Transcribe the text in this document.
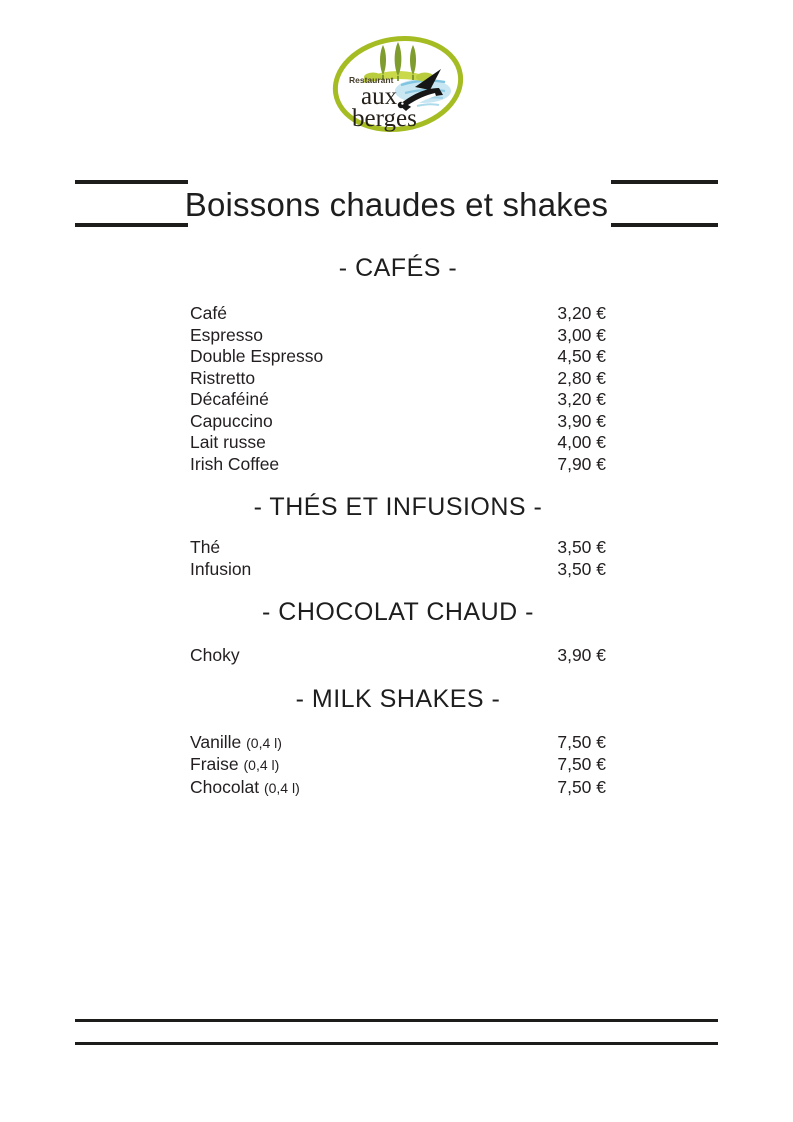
Restaurant
aux
berges
Boissons chaudes et shakes
- CAFÉS -
Café	3,20 €
Espresso	3,00 €
Double Espresso	4,50 €
Ristretto	2,80 €
Décaféiné	3,20 €
Capuccino	3,90 €
Lait russe	4,00 €
Irish Coffee	7,90 €
- THÉS ET INFUSIONS -
Thé	3,50 €
Infusion	3,50 €
- CHOCOLAT CHAUD -
Choky	3,90 €
- MILK SHAKES -
Vanille (0,4 l)	7,50 €
Fraise (0,4 l)	7,50 €
Chocolat (0,4 l)	7,50 €
